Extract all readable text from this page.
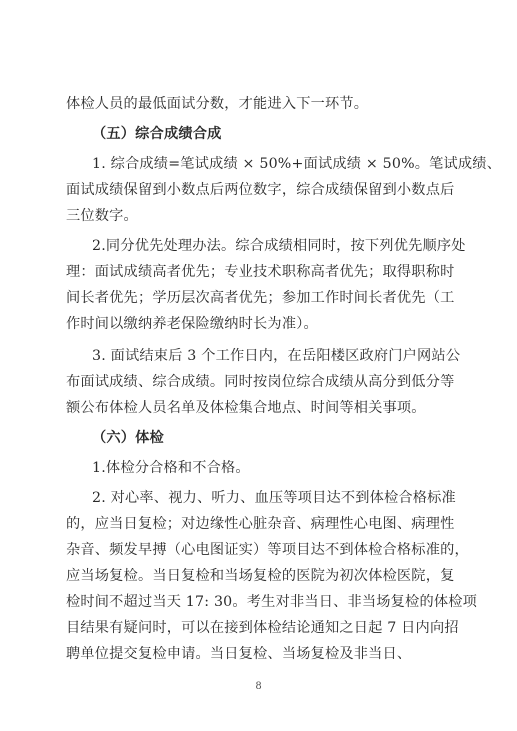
体检人员的最低面试分数，才能进入下一环节。
（五）综合成绩合成
1. 综合成绩=笔试成绩 × 50%+面试成绩 × 50%。笔试成绩、
面试成绩保留到小数点后两位数字，综合成绩保留到小数点后
三位数字。
2.同分优先处理办法。综合成绩相同时，按下列优先顺序处
理：面试成绩高者优先；专业技术职称高者优先；取得职称时
间长者优先；学历层次高者优先；参加工作时间长者优先（工
作时间以缴纳养老保险缴纳时长为准）。
3. 面试结束后 3 个工作日内，在岳阳楼区政府门户网站公
布面试成绩、综合成绩。同时按岗位综合成绩从高分到低分等
额公布体检人员名单及体检集合地点、时间等相关事项。
（六）体检
1.体检分合格和不合格。
2. 对心率、视力、听力、血压等项目达不到体检合格标准
的，应当日复检；对边缘性心脏杂音、病理性心电图、病理性
杂音、频发早搏（心电图证实）等项目达不到体检合格标准的，
应当场复检。当日复检和当场复检的医院为初次体检医院，复
检时间不超过当天 17: 30。考生对非当日、非当场复检的体检项
目结果有疑问时，可以在接到体检结论通知之日起 7 日内向招
聘单位提交复检申请。当日复检、当场复检及非当日、
8
